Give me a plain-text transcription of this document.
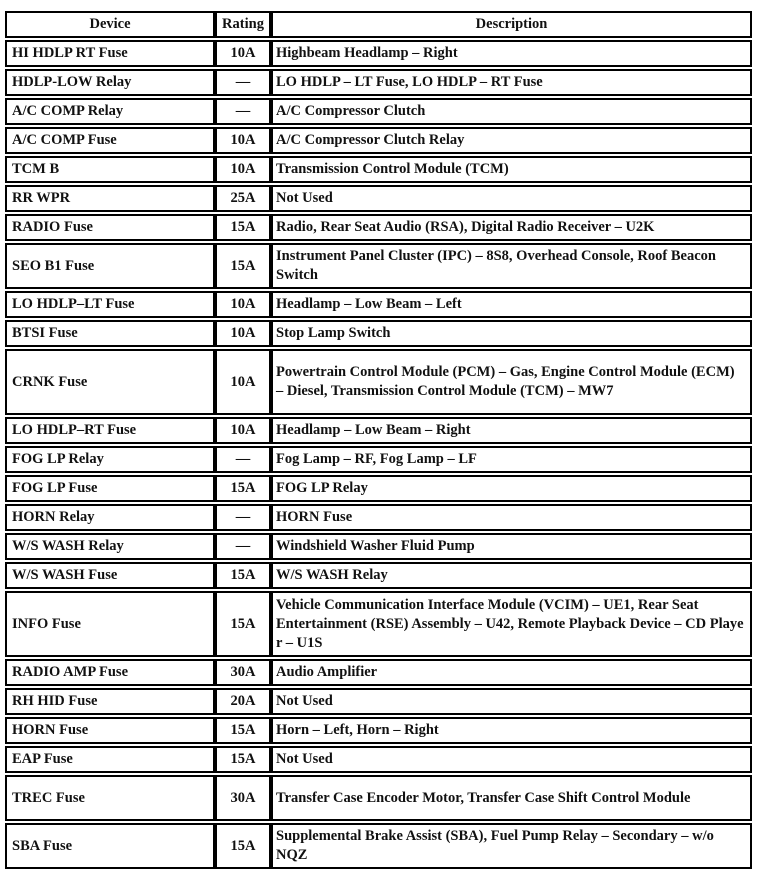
Device	Rating	Description
HI HDLP RT Fuse	10A	Highbeam Headlamp – Right
HDLP-LOW Relay	—	LO HDLP – LT Fuse, LO HDLP – RT Fuse
A/C COMP Relay	—	A/C Compressor Clutch
A/C COMP Fuse	10A	A/C Compressor Clutch Relay
TCM B	10A	Transmission Control Module (TCM)
RR WPR	25A	Not Used
RADIO Fuse	15A	Radio, Rear Seat Audio (RSA), Digital Radio Receiver – U2K
SEO B1 Fuse	15A	Instrument Panel Cluster (IPC) – 8S8, Overhead Console, Roof Beacon Switch
LO HDLP–LT Fuse	10A	Headlamp – Low Beam – Left
BTSI Fuse	10A	Stop Lamp Switch
CRNK Fuse	10A	Powertrain Control Module (PCM) – Gas, Engine Control Module (ECM) – Diesel, Transmission Control Module (TCM) – MW7
LO HDLP–RT Fuse	10A	Headlamp – Low Beam – Right
FOG LP Relay	—	Fog Lamp – RF, Fog Lamp – LF
FOG LP Fuse	15A	FOG LP Relay
HORN Relay	—	HORN Fuse
W/S WASH Relay	—	Windshield Washer Fluid Pump
W/S WASH Fuse	15A	W/S WASH Relay
INFO Fuse	15A	Vehicle Communication Interface Module (VCIM) – UE1, Rear Seat Entertainment (RSE) Assembly – U42, Remote Playback Device – CD Playe r – U1S
RADIO AMP Fuse	30A	Audio Amplifier
RH HID Fuse	20A	Not Used
HORN Fuse	15A	Horn – Left, Horn – Right
EAP Fuse	15A	Not Used
TREC Fuse	30A	Transfer Case Encoder Motor, Transfer Case Shift Control Module
SBA Fuse	15A	Supplemental Brake Assist (SBA), Fuel Pump Relay – Secondary – w/o NQZ
